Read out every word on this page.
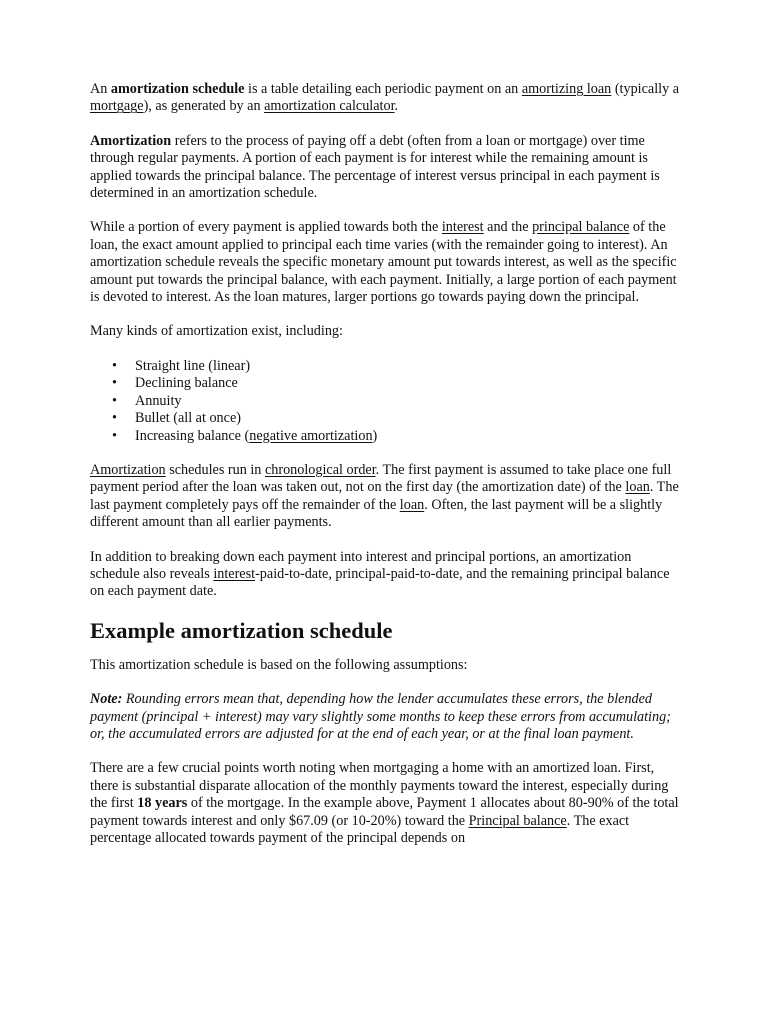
An amortization schedule is a table detailing each periodic payment on an amortizing loan (typically a mortgage), as generated by an amortization calculator.

Amortization refers to the process of paying off a debt (often from a loan or mortgage) over time through regular payments. A portion of each payment is for interest while the remaining amount is applied towards the principal balance. The percentage of interest versus principal in each payment is determined in an amortization schedule.

While a portion of every payment is applied towards both the interest and the principal balance of the loan, the exact amount applied to principal each time varies (with the remainder going to interest). An amortization schedule reveals the specific monetary amount put towards interest, as well as the specific amount put towards the principal balance, with each payment. Initially, a large portion of each payment is devoted to interest. As the loan matures, larger portions go towards paying down the principal.

Many kinds of amortization exist, including:

• Straight line (linear)
• Declining balance
• Annuity
• Bullet (all at once)
• Increasing balance (negative amortization)

Amortization schedules run in chronological order. The first payment is assumed to take place one full payment period after the loan was taken out, not on the first day (the amortization date) of the loan. The last payment completely pays off the remainder of the loan. Often, the last payment will be a slightly different amount than all earlier payments.

In addition to breaking down each payment into interest and principal portions, an amortization schedule also reveals interest-paid-to-date, principal-paid-to-date, and the remaining principal balance on each payment date.

Example amortization schedule

This amortization schedule is based on the following assumptions:

Note: Rounding errors mean that, depending how the lender accumulates these errors, the blended payment (principal + interest) may vary slightly some months to keep these errors from accumulating; or, the accumulated errors are adjusted for at the end of each year, or at the final loan payment.

There are a few crucial points worth noting when mortgaging a home with an amortized loan. First, there is substantial disparate allocation of the monthly payments toward the interest, especially during the first 18 years of the mortgage. In the example above, Payment 1 allocates about 80-90% of the total payment towards interest and only $67.09 (or 10-20%) toward the Principal balance. The exact percentage allocated towards payment of the principal depends on
